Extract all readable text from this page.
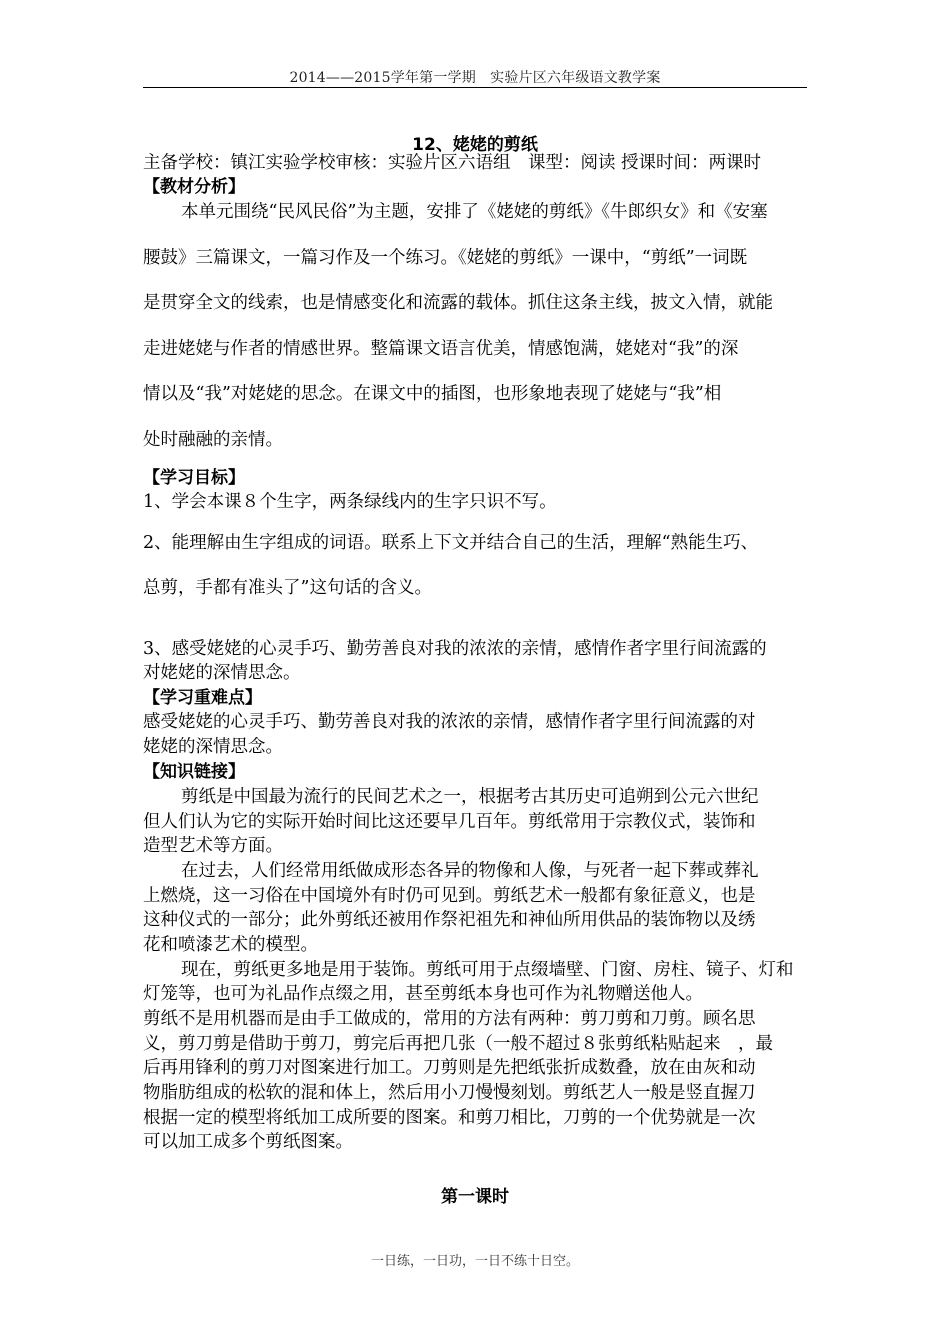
2014——2015学年第一学期　实验片区六年级语文教学案
12、姥姥的剪纸
主备学校：镇江实验学校审核：实验片区六语组　课型：阅读 授课时间：两课时
【教材分析】
本单元围绕“民风民俗”为主题，安排了《姥姥的剪纸》《牛郎织女》和《安塞
腰鼓》三篇课文，一篇习作及一个练习。《姥姥的剪纸》一课中，“剪纸”一词既
是贯穿全文的线索，也是情感变化和流露的载体。抓住这条主线，披文入情，就能
走进姥姥与作者的情感世界。整篇课文语言优美，情感饱满，姥姥对“我”的深
情以及“我”对姥姥的思念。在课文中的插图，也形象地表现了姥姥与“我”相
处时融融的亲情。
【学习目标】
1、学会本课８个生字，两条绿线内的生字只识不写。
2、能理解由生字组成的词语。联系上下文并结合自己的生活，理解“熟能生巧、
总剪，手都有准头了”这句话的含义。
3、感受姥姥的心灵手巧、勤劳善良对我的浓浓的亲情，感情作者字里行间流露的
对姥姥的深情思念。
【学习重难点】
感受姥姥的心灵手巧、勤劳善良对我的浓浓的亲情，感情作者字里行间流露的对
姥姥的深情思念。
【知识链接】
剪纸是中国最为流行的民间艺术之一，根据考古其历史可追朔到公元六世纪
但人们认为它的实际开始时间比这还要早几百年。剪纸常用于宗教仪式，装饰和
造型艺术等方面。
在过去，人们经常用纸做成形态各异的物像和人像，与死者一起下葬或葬礼
上燃烧，这一习俗在中国境外有时仍可见到。剪纸艺术一般都有象征意义，也是
这种仪式的一部分；此外剪纸还被用作祭祀祖先和神仙所用供品的装饰物以及绣
花和喷漆艺术的模型。
现在，剪纸更多地是用于装饰。剪纸可用于点缀墙壁、门窗、房柱、镜子、灯和
灯笼等，也可为礼品作点缀之用，甚至剪纸本身也可作为礼物赠送他人。
剪纸不是用机器而是由手工做成的，常用的方法有两种：剪刀剪和刀剪。顾名思
义，剪刀剪是借助于剪刀，剪完后再把几张（一般不超过８张剪纸粘贴起来　，最
后再用锋利的剪刀对图案进行加工。刀剪则是先把纸张折成数叠，放在由灰和动
物脂肪组成的松软的混和体上，然后用小刀慢慢刻划。剪纸艺人一般是竖直握刀
根据一定的模型将纸加工成所要的图案。和剪刀相比，刀剪的一个优势就是一次
可以加工成多个剪纸图案。
第一课时
一日练，一日功，一日不练十日空。
